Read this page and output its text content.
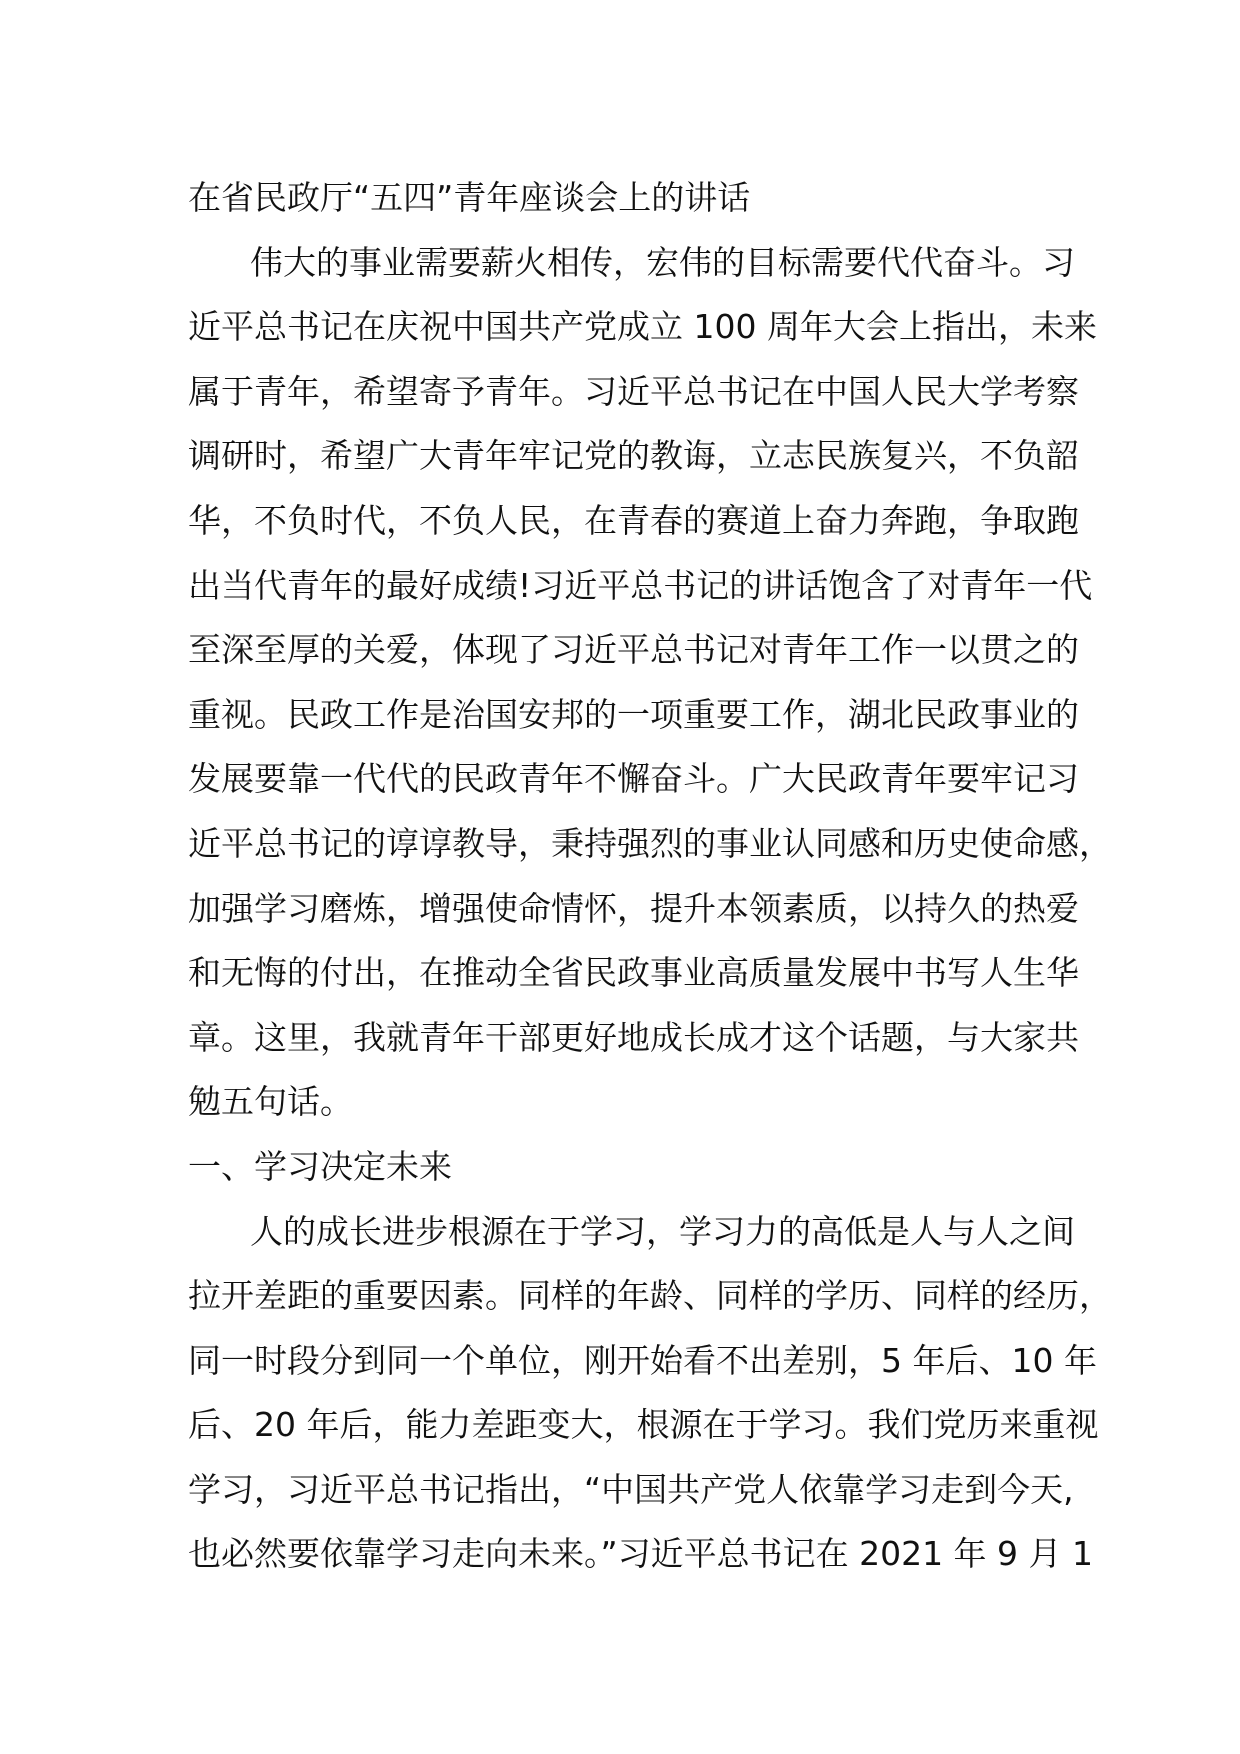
在省民政厅“五四”青年座谈会上的讲话

伟大的事业需要薪火相传，宏伟的目标需要代代奋斗。习
近平总书记在庆祝中国共产党成立 100 周年大会上指出，未来
属于青年，希望寄予青年。习近平总书记在中国人民大学考察
调研时，希望广大青年牢记党的教诲，立志民族复兴，不负韶
华，不负时代，不负人民，在青春的赛道上奋力奔跑，争取跑
出当代青年的最好成绩!习近平总书记的讲话饱含了对青年一代
至深至厚的关爱，体现了习近平总书记对青年工作一以贯之的
重视。民政工作是治国安邦的一项重要工作，湖北民政事业的
发展要靠一代代的民政青年不懈奋斗。广大民政青年要牢记习
近平总书记的谆谆教导，秉持强烈的事业认同感和历史使命感，
加强学习磨炼，增强使命情怀，提升本领素质，以持久的热爱
和无悔的付出，在推动全省民政事业高质量发展中书写人生华
章。这里，我就青年干部更好地成长成才这个话题，与大家共
勉五句话。

一、学习决定未来

人的成长进步根源在于学习，学习力的高低是人与人之间
拉开差距的重要因素。同样的年龄、同样的学历、同样的经历，
同一时段分到同一个单位，刚开始看不出差别，5 年后、10 年
后、20 年后，能力差距变大，根源在于学习。我们党历来重视
学习，习近平总书记指出，“中国共产党人依靠学习走到今天,
也必然要依靠学习走向未来。”习近平总书记在 2021 年 9 月 1
